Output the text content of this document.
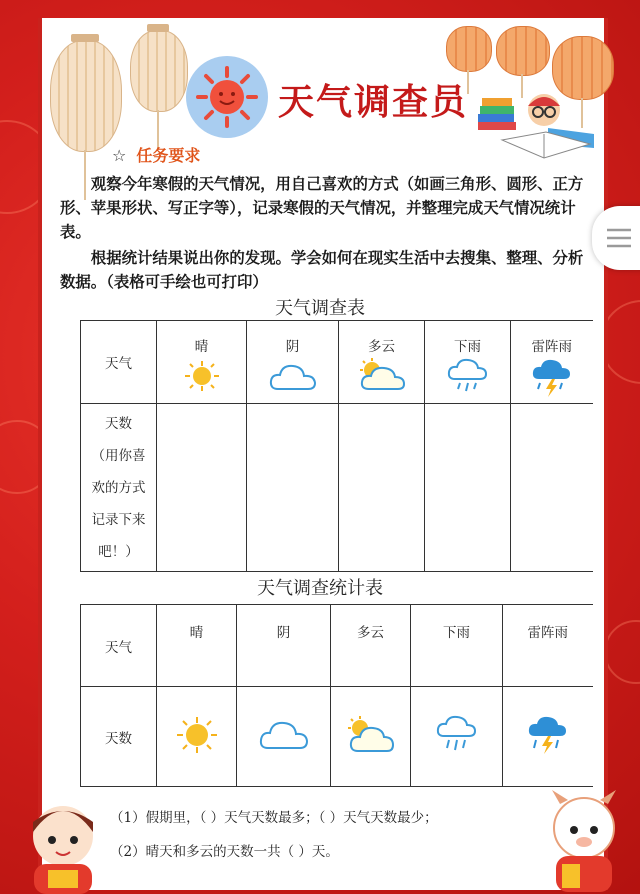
天气调查员
☆ 任务要求

观察今年寒假的天气情况，用自己喜欢的方式（如画三角形、圆形、正方形、苹果形状、写正字等），记录寒假的天气情况，并整理完成天气情况统计表。

根据统计结果说出你的发现。学会如何在现实生活中去搜集、整理、分析数据。（表格可手绘也可打印）

天气调查表
天气	晴	阴	多云	下雨	雷阵雨

天数
（用你喜
欢的方式
记录下来
吧！）					

天气调查统计表
天气	晴	阴	多云	下雨	雷阵雨
天数					
（1）假期里，（ ）天气天数最多；（ ）天气天数最少；
（2）晴天和多云的天数一共（ ）天。
